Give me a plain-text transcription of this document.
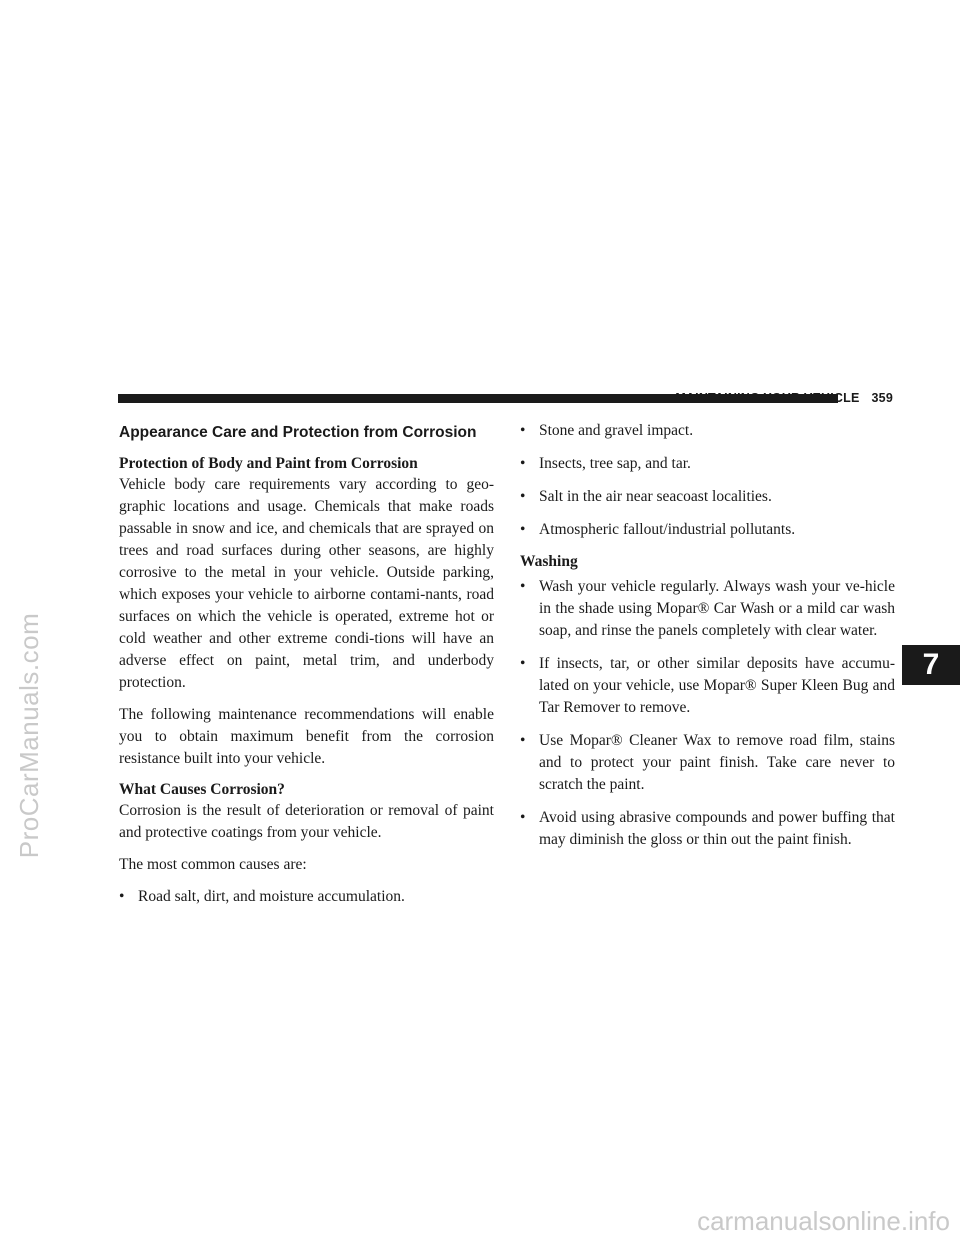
ProCarManuals.com
MAINTAINING YOUR VEHICLE 359
Appearance Care and Protection from Corrosion
Protection of Body and Paint from Corrosion

Vehicle body care requirements vary according to geo-graphic locations and usage. Chemicals that make roads passable in snow and ice, and chemicals that are sprayed on trees and road surfaces during other seasons, are highly corrosive to the metal in your vehicle. Outside parking, which exposes your vehicle to airborne contami-nants, road surfaces on which the vehicle is operated, extreme hot or cold weather and other extreme condi-tions will have an adverse effect on paint, metal trim, and underbody protection.

The following maintenance recommendations will enable you to obtain maximum benefit from the corrosion resistance built into your vehicle.

What Causes Corrosion?

Corrosion is the result of deterioration or removal of paint and protective coatings from your vehicle.

The most common causes are:

• Road salt, dirt, and moisture accumulation.
• Stone and gravel impact.
• Insects, tree sap, and tar.
• Salt in the air near seacoast localities.
• Atmospheric fallout/industrial pollutants.
Washing
• Wash your vehicle regularly. Always wash your ve-hicle in the shade using Mopar® Car Wash or a mild car wash soap, and rinse the panels completely with clear water.
• If insects, tar, or other similar deposits have accumu-lated on your vehicle, use Mopar® Super Kleen Bug and Tar Remover to remove.
• Use Mopar® Cleaner Wax to remove road film, stains and to protect your paint finish. Take care never to scratch the paint.
• Avoid using abrasive compounds and power buffing that may diminish the gloss or thin out the paint finish.
7
carmanualsonline.info
